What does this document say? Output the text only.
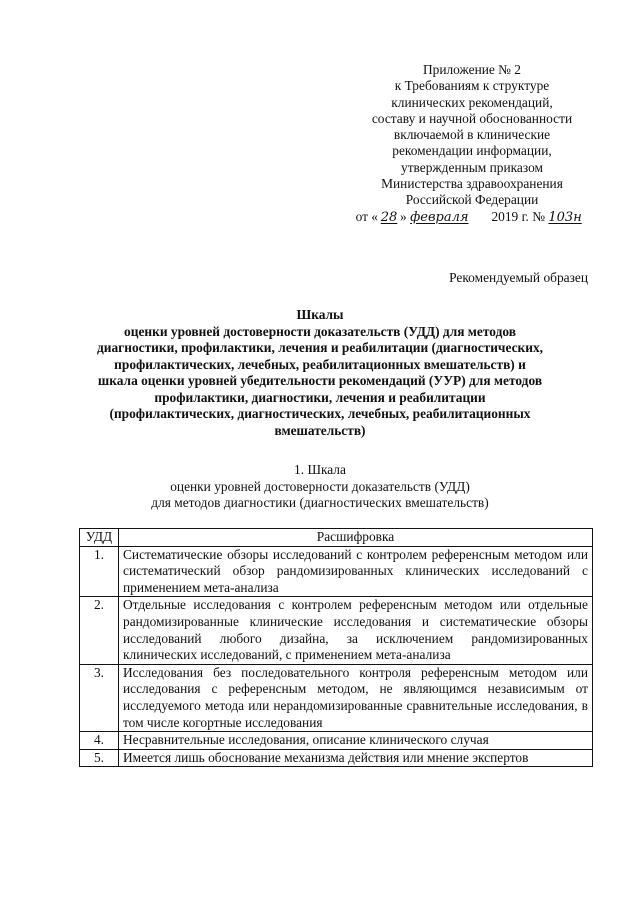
Приложение № 2
к Требованиям к структуре
клинических рекомендаций,
составу и научной обоснованности
включаемой в клинические
рекомендации информации,
утвержденным приказом
Министерства здравоохранения
Российской Федерации
от « 28 » февраля 2019 г. № 103н
Рекомендуемый образец
Шкалы
оценки уровней достоверности доказательств (УДД) для методов
диагностики, профилактики, лечения и реабилитации (диагностических,
профилактических, лечебных, реабилитационных вмешательств) и
шкала оценки уровней убедительности рекомендаций (УУР) для методов
профилактики, диагностики, лечения и реабилитации
(профилактических, диагностических, лечебных, реабилитационных
вмешательств)
1. Шкала
оценки уровней достоверности доказательств (УДД)
для методов диагностики (диагностических вмешательств)
УДД	Расшифровка
1.	Систематические обзоры исследований с контролем референсным методом или систематический обзор рандомизированных клинических исследований с применением мета-анализа
2.	Отдельные исследования с контролем референсным методом или отдельные рандомизированные клинические исследования и систематические обзоры исследований любого дизайна, за исключением рандомизированных клинических исследований, с применением мета-анализа
3.	Исследования без последовательного контроля референсным методом или исследования с референсным методом, не являющимся независимым от исследуемого метода или нерандомизированные сравнительные исследования, в том числе когортные исследования
4.	Несравнительные исследования, описание клинического случая
5.	Имеется лишь обоснование механизма действия или мнение экспертов
